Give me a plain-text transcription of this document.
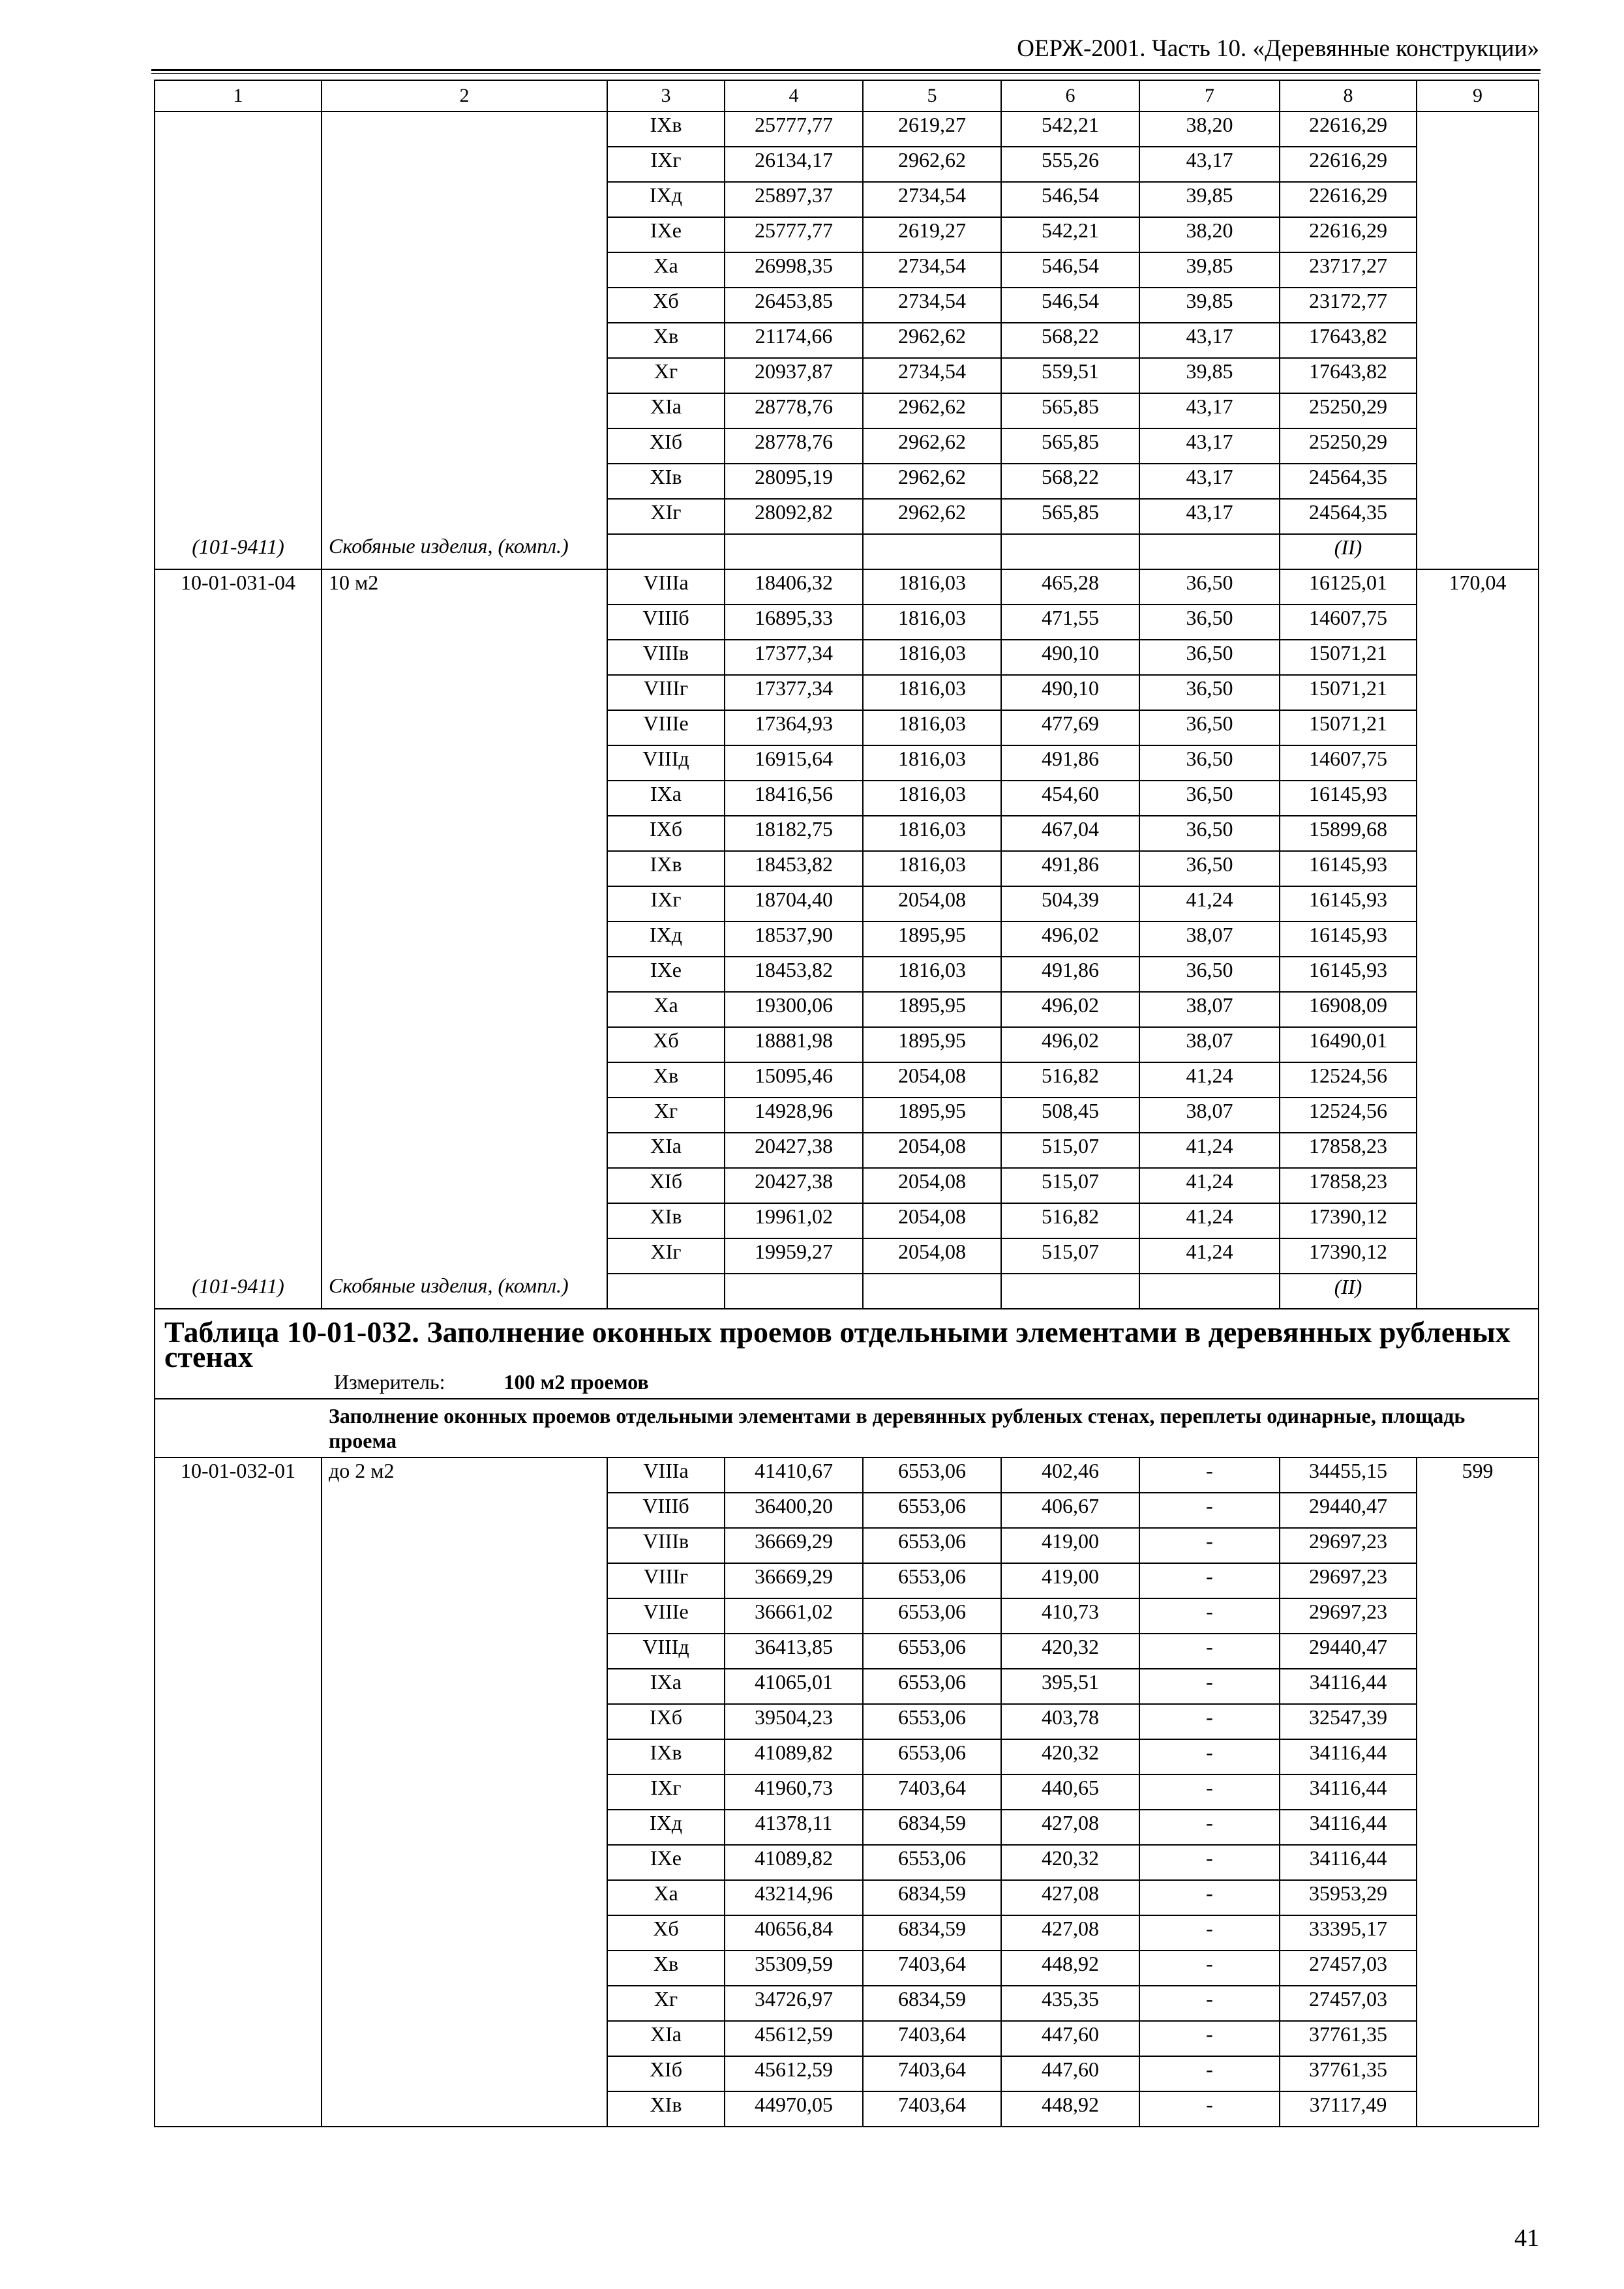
ОЕРЖ-2001. Часть 10. «Деревянные конструкции»
1	2	3	4	5	6	7	8	9
		IXв	25777,77	2619,27	542,21	38,20	22616,29	
		IXг	26134,17	2962,62	555,26	43,17	22616,29	
		IXд	25897,37	2734,54	546,54	39,85	22616,29	
		IXе	25777,77	2619,27	542,21	38,20	22616,29	
		Xа	26998,35	2734,54	546,54	39,85	23717,27	
		Xб	26453,85	2734,54	546,54	39,85	23172,77	
		Xв	21174,66	2962,62	568,22	43,17	17643,82	
		Xг	20937,87	2734,54	559,51	39,85	17643,82	
		XIа	28778,76	2962,62	565,85	43,17	25250,29	
		XIб	28778,76	2962,62	565,85	43,17	25250,29	
		XIв	28095,19	2962,62	568,22	43,17	24564,35	
		XIг	28092,82	2962,62	565,85	43,17	24564,35	
(101-9411)	Скобяные изделия, (компл.)						(II)	
10-01-031-04	10 м2	VIIIа	18406,32	1816,03	465,28	36,50	16125,01	170,04
		VIIIб	16895,33	1816,03	471,55	36,50	14607,75	
		VIIIв	17377,34	1816,03	490,10	36,50	15071,21	
		VIIIг	17377,34	1816,03	490,10	36,50	15071,21	
		VIIIе	17364,93	1816,03	477,69	36,50	15071,21	
		VIIIд	16915,64	1816,03	491,86	36,50	14607,75	
		IXа	18416,56	1816,03	454,60	36,50	16145,93	
		IXб	18182,75	1816,03	467,04	36,50	15899,68	
		IXв	18453,82	1816,03	491,86	36,50	16145,93	
		IXг	18704,40	2054,08	504,39	41,24	16145,93	
		IXд	18537,90	1895,95	496,02	38,07	16145,93	
		IXе	18453,82	1816,03	491,86	36,50	16145,93	
		Xа	19300,06	1895,95	496,02	38,07	16908,09	
		Xб	18881,98	1895,95	496,02	38,07	16490,01	
		Xв	15095,46	2054,08	516,82	41,24	12524,56	
		Xг	14928,96	1895,95	508,45	38,07	12524,56	
		XIа	20427,38	2054,08	515,07	41,24	17858,23	
		XIб	20427,38	2054,08	515,07	41,24	17858,23	
		XIв	19961,02	2054,08	516,82	41,24	17390,12	
		XIг	19959,27	2054,08	515,07	41,24	17390,12	
(101-9411)	Скобяные изделия, (компл.)						(II)	

Таблица 10-01-032. Заполнение оконных проемов отдельными элементами в деревянных рубленых стенах
Измеритель: 100 м2 проемов								

Заполнение оконных проемов отдельными элементами в деревянных рубленых стенах, переплеты одинарные, площадь проема								
10-01-032-01	до 2 м2	VIIIа	41410,67	6553,06	402,46	-	34455,15	599
		VIIIб	36400,20	6553,06	406,67	-	29440,47	
		VIIIв	36669,29	6553,06	419,00	-	29697,23	
		VIIIг	36669,29	6553,06	419,00	-	29697,23	
		VIIIе	36661,02	6553,06	410,73	-	29697,23	
		VIIIд	36413,85	6553,06	420,32	-	29440,47	
		IXа	41065,01	6553,06	395,51	-	34116,44	
		IXб	39504,23	6553,06	403,78	-	32547,39	
		IXв	41089,82	6553,06	420,32	-	34116,44	
		IXг	41960,73	7403,64	440,65	-	34116,44	
		IXд	41378,11	6834,59	427,08	-	34116,44	
		IXе	41089,82	6553,06	420,32	-	34116,44	
		Xа	43214,96	6834,59	427,08	-	35953,29	
		Xб	40656,84	6834,59	427,08	-	33395,17	
		Xв	35309,59	7403,64	448,92	-	27457,03	
		Xг	34726,97	6834,59	435,35	-	27457,03	
		XIа	45612,59	7403,64	447,60	-	37761,35	
		XIб	45612,59	7403,64	447,60	-	37761,35	
		XIв	44970,05	7403,64	448,92	-	37117,49	
41
